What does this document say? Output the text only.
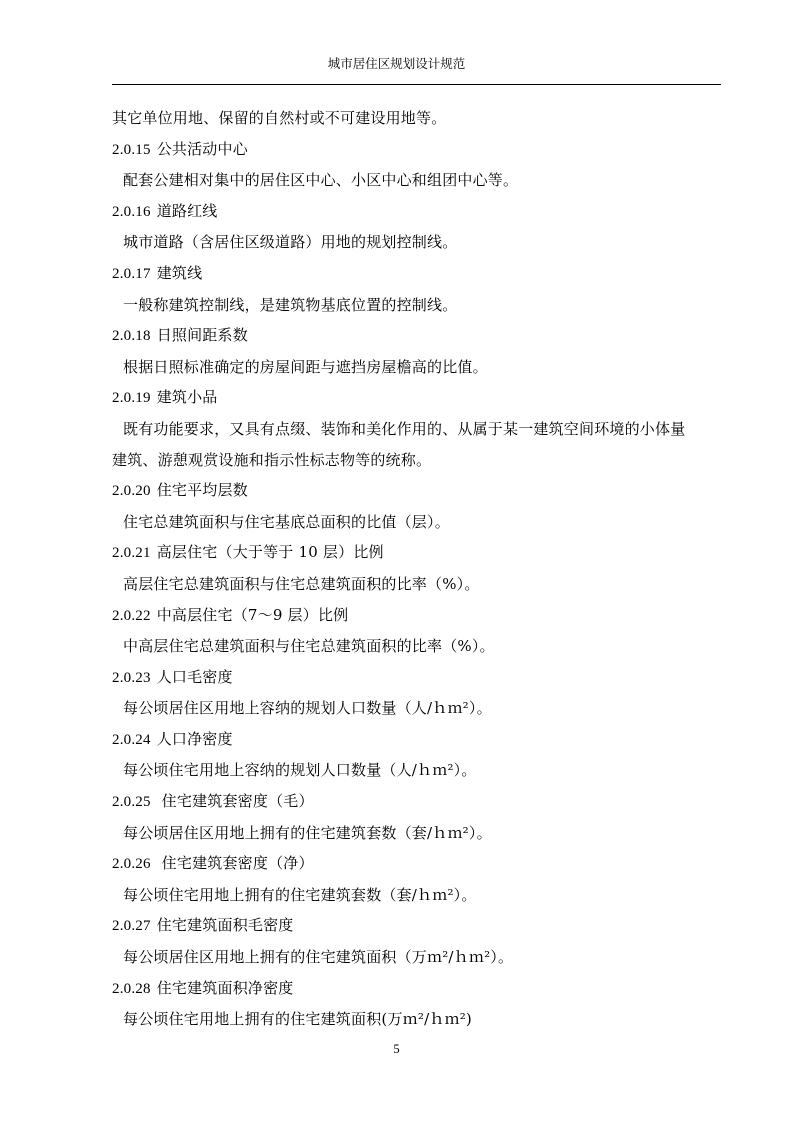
城市居住区规划设计规范
其它单位用地、保留的自然村或不可建设用地等。
2.0.15 公共活动中心
配套公建相对集中的居住区中心、小区中心和组团中心等。
2.0.16 道路红线
城市道路（含居住区级道路）用地的规划控制线。
2.0.17 建筑线
一般称建筑控制线，是建筑物基底位置的控制线。
2.0.18 日照间距系数
根据日照标准确定的房屋间距与遮挡房屋檐高的比值。
2.0.19 建筑小品
既有功能要求，又具有点缀、装饰和美化作用的、从属于某一建筑空间环境的小体量
建筑、游憩观赏设施和指示性标志物等的统称。
2.0.20 住宅平均层数
住宅总建筑面积与住宅基底总面积的比值（层）。
2.0.21 高层住宅（大于等于 10 层）比例
高层住宅总建筑面积与住宅总建筑面积的比率（%）。
2.0.22 中高层住宅（7～9 层）比例
中高层住宅总建筑面积与住宅总建筑面积的比率（%）。
2.0.23 人口毛密度
每公顷居住区用地上容纳的规划人口数量（人/ｈｍ²）。
2.0.24 人口净密度
每公顷住宅用地上容纳的规划人口数量（人/ｈｍ²）。
2.0.25 住宅建筑套密度（毛）
每公顷居住区用地上拥有的住宅建筑套数（套/ｈｍ²）。
2.0.26 住宅建筑套密度（净）
每公顷住宅用地上拥有的住宅建筑套数（套/ｈｍ²）。
2.0.27 住宅建筑面积毛密度
每公顷居住区用地上拥有的住宅建筑面积（万ｍ²/ｈｍ²）。
2.0.28 住宅建筑面积净密度
每公顷住宅用地上拥有的住宅建筑面积(万ｍ²/ｈｍ²)
5
